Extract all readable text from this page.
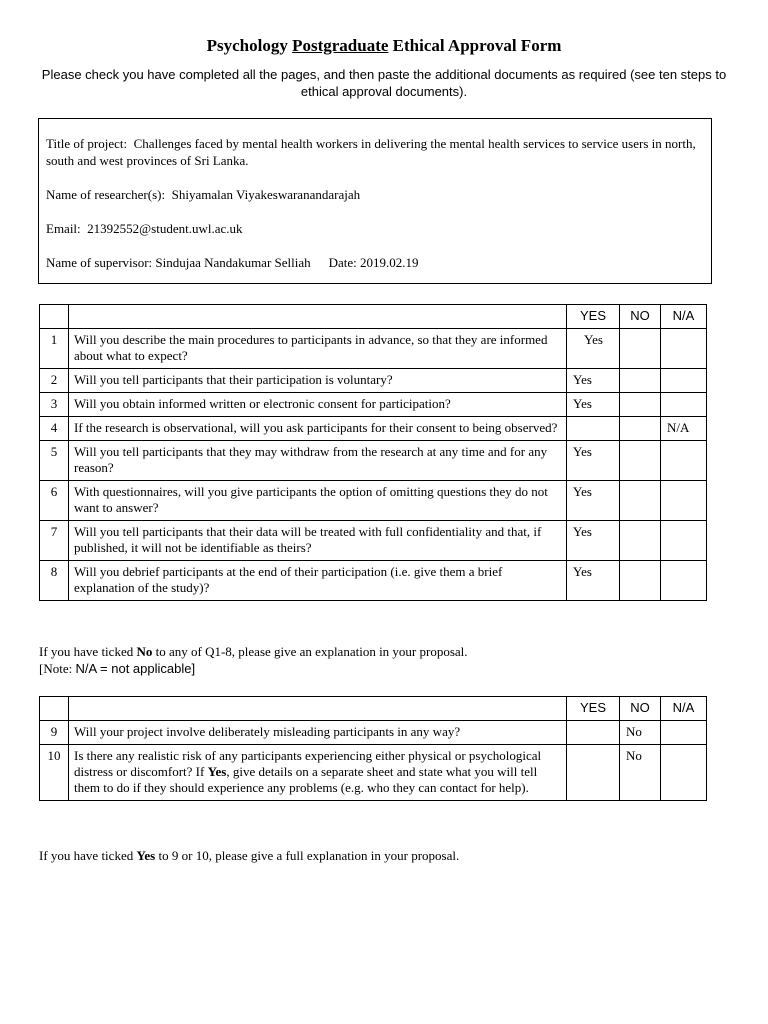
Psychology Postgraduate Ethical Approval Form
Please check you have completed all the pages, and then paste the additional documents as required (see ten steps to ethical approval documents).

Title of project: Challenges faced by mental health workers in delivering the mental health services to service users in north, south and west provinces of Sri Lanka.

Name of researcher(s): Shiyamalan Viyakeswaranandarajah

Email: 21392552@student.uwl.ac.uk

Name of supervisor: Sindujaa Nandakumar Selliah Date: 2019.02.19

		YES	NO	N/A
1	Will you describe the main procedures to participants in advance, so that they are informed about what to expect?	Yes		
2	Will you tell participants that their participation is voluntary?	Yes		
3	Will you obtain informed written or electronic consent for participation?	Yes		
4	If the research is observational, will you ask participants for their consent to being observed?			N/A
5	Will you tell participants that they may withdraw from the research at any time and for any reason?	Yes		
6	With questionnaires, will you give participants the option of omitting questions they do not want to answer?	Yes		
7	Will you tell participants that their data will be treated with full confidentiality and that, if published, it will not be identifiable as theirs?	Yes		
8	Will you debrief participants at the end of their participation (i.e. give them a brief explanation of the study)?	Yes		
If you have ticked No to any of Q1-8, please give an explanation in your proposal.
[Note: N/A = not applicable]
		YES	NO	N/A
9	Will your project involve deliberately misleading participants in any way?		No	
10	Is there any realistic risk of any participants experiencing either physical or psychological distress or discomfort? If Yes, give details on a separate sheet and state what you will tell them to do if they should experience any problems (e.g. who they can contact for help).		No	
If you have ticked Yes to 9 or 10, please give a full explanation in your proposal.
